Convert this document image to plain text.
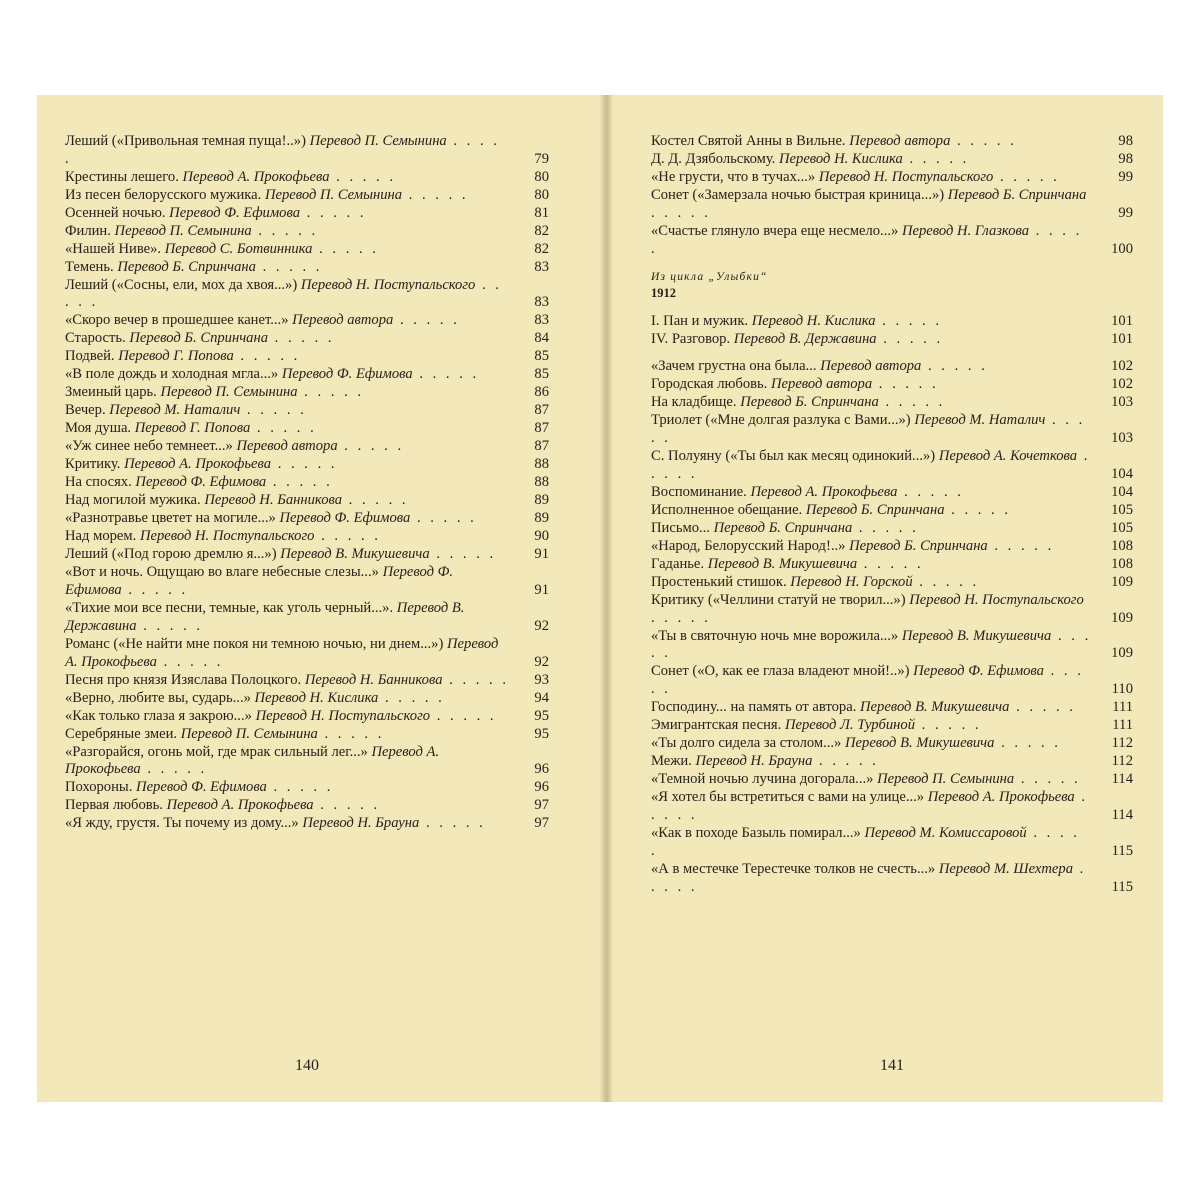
Леший («Привольная темная пуща!..») Перевод П. Семынина . . . . .	79
Крестины лешего. Перевод А. Прокофьева . . . . .	80
Из песен белорусского мужика. Перевод П. Семынина . . . . .	80
Осенней ночью. Перевод Ф. Ефимова . . . . .	81
Филин. Перевод П. Семынина . . . . .	82
«Нашей Ниве». Перевод С. Ботвинника . . . . .	82
Темень. Перевод Б. Спринчана . . . . .	83
Леший («Сосны, ели, мох да хвоя...») Перевод Н. Поступальского . . . . .	83
«Скоро вечер в прошедшее канет...» Перевод автора . . . . .	83
Старость. Перевод Б. Спринчана . . . . .	84
Подвей. Перевод Г. Попова . . . . .	85
«В поле дождь и холодная мгла...» Перевод Ф. Ефимова . . . . .	85
Змеиный царь. Перевод П. Семынина . . . . .	86
Вечер. Перевод М. Наталич . . . . .	87
Моя душа. Перевод Г. Попова . . . . .	87
«Уж синее небо темнеет...» Перевод автора . . . . .	87
Критику. Перевод А. Прокофьева . . . . .	88
На спосях. Перевод Ф. Ефимова . . . . .	88
Над могилой мужика. Перевод Н. Банникова . . . . .	89
«Разнотравье цветет на могиле...» Перевод Ф. Ефимова . . . . .	89
Над морем. Перевод Н. Поступальского . . . . .	90
Леший («Под горою дремлю я...») Перевод В. Микушевича . . . . .	91
«Вот и ночь. Ощущаю во влаге небесные слезы...» Перевод Ф. Ефимова . . . . .	91
«Тихие мои все песни, темные, как уголь черный...». Перевод В. Державина . . . . .	92
Романс («Не найти мне покоя ни темною ночью, ни днем...») Перевод А. Прокофьева . . . . .	92
Песня про князя Изяслава Полоцкого. Перевод Н. Банникова . . . . .	93
«Верно, любите вы, сударь...» Перевод Н. Кислика . . . . .	94
«Как только глаза я закрою...» Перевод Н. Поступальского . . . . .	95
Серебряные змеи. Перевод П. Семынина . . . . .	95
«Разгорайся, огонь мой, где мрак сильный лег...» Перевод А. Прокофьева . . . . .	96
Похороны. Перевод Ф. Ефимова . . . . .	96
Первая любовь. Перевод А. Прокофьева . . . . .	97
«Я жду, грустя. Ты почему из дому...» Перевод Н. Брауна . . . . .	97
140
Костел Святой Анны в Вильне. Перевод автора . . . . .	98
Д. Д. Дзябольскому. Перевод Н. Кислика . . . . .	98
«Не грусти, что в тучах...» Перевод Н. Поступальского . . . . .	99
Сонет («Замерзала ночью быстрая криница...») Перевод Б. Спринчана . . . . .	99
«Счастье глянуло вчера еще несмело...» Перевод Н. Глазкова . . . . .	100
Из цикла „Улыбки“
1912
I. Пан и мужик. Перевод Н. Кислика . . . . .	101
IV. Разговор. Перевод В. Державина . . . . .	101
«Зачем грустна она была... Перевод автора . . . . .	102
Городская любовь. Перевод автора . . . . .	102
На кладбище. Перевод Б. Спринчана . . . . .	103
Триолет («Мне долгая разлука с Вами...») Перевод М. Наталич . . . . .	103
С. Полуяну («Ты был как месяц одинокий...») Перевод А. Кочеткова . . . . .	104
Воспоминание. Перевод А. Прокофьева . . . . .	104
Исполненное обещание. Перевод Б. Спринчана . . . . .	105
Письмо... Перевод Б. Спринчана . . . . .	105
«Народ, Белорусский Народ!..» Перевод Б. Спринчана . . . . .	108
Гаданье. Перевод В. Микушевича . . . . .	108
Простенький стишок. Перевод Н. Горской . . . . .	109
Критику («Челлини статуй не творил...») Перевод Н. Поступальского . . . . .	109
«Ты в святочную ночь мне ворожила...» Перевод В. Микушевича . . . . .	109
Сонет («О, как ее глаза владеют мной!..») Перевод Ф. Ефимова . . . . .	110
Господину... на память от автора. Перевод В. Микушевича . . . . .	111
Эмигрантская песня. Перевод Л. Турбиной . . . . .	111
«Ты долго сидела за столом...» Перевод В. Микушевича . . . . .	112
Межи. Перевод Н. Брауна . . . . .	112
«Темной ночью лучина догорала...» Перевод П. Семынина . . . . .	114
«Я хотел бы встретиться с вами на улице...» Перевод А. Прокофьева . . . . .	114
«Как в походе Базыль помирал...» Перевод М. Комиссаровой . . . . .	115
«А в местечке Терестечке толков не счесть...» Перевод М. Шехтера . . . . .	115
141
